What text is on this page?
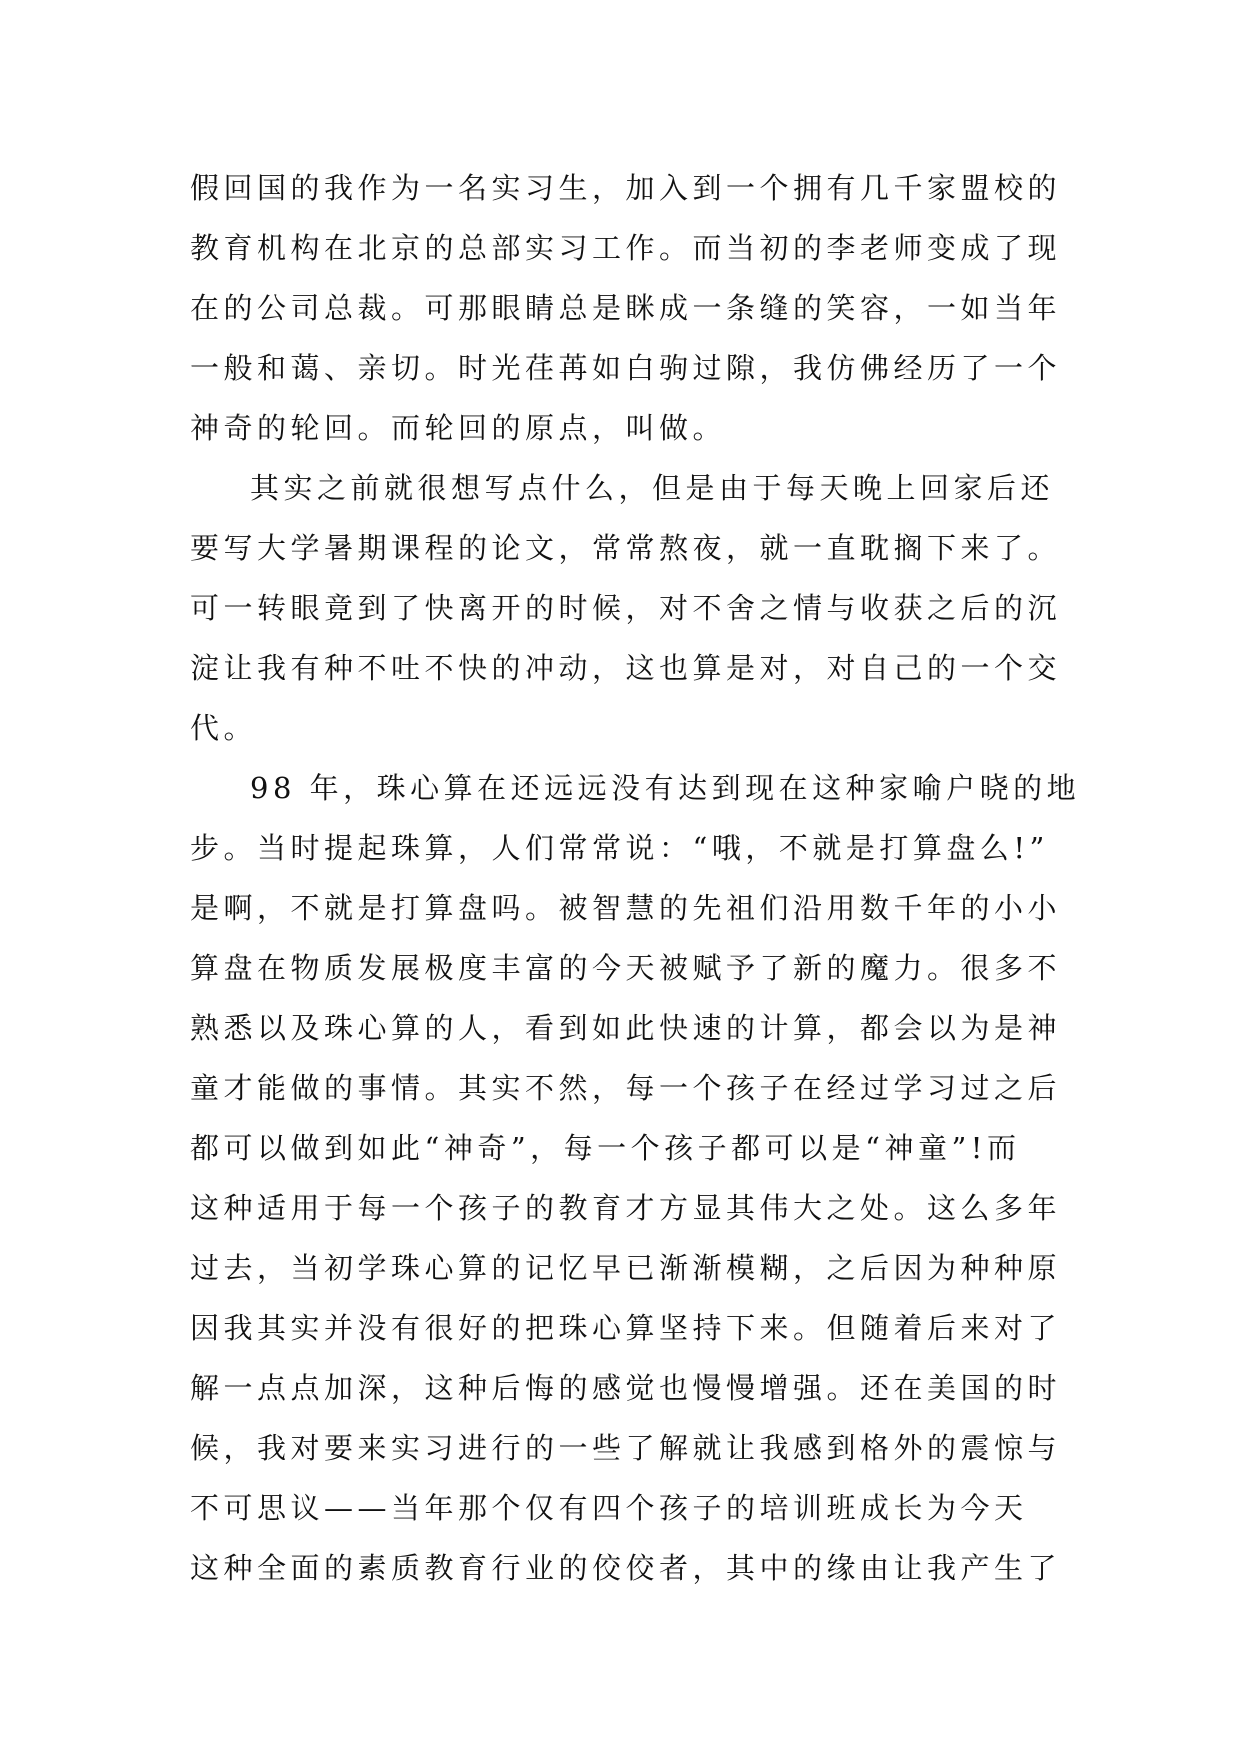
假回国的我作为一名实习生，加入到一个拥有几千家盟校的
教育机构在北京的总部实习工作。而当初的李老师变成了现
在的公司总裁。可那眼睛总是眯成一条缝的笑容，一如当年
一般和蔼、亲切。时光荏苒如白驹过隙，我仿佛经历了一个
神奇的轮回。而轮回的原点，叫做。
其实之前就很想写点什么，但是由于每天晚上回家后还
要写大学暑期课程的论文，常常熬夜，就一直耽搁下来了。
可一转眼竟到了快离开的时候，对不舍之情与收获之后的沉
淀让我有种不吐不快的冲动，这也算是对，对自己的一个交
代。
98 年，珠心算在还远远没有达到现在这种家喻户晓的地
步。当时提起珠算，人们常常说：“哦，不就是打算盘么!”
是啊，不就是打算盘吗。被智慧的先祖们沿用数千年的小小
算盘在物质发展极度丰富的今天被赋予了新的魔力。很多不
熟悉以及珠心算的人，看到如此快速的计算，都会以为是神
童才能做的事情。其实不然，每一个孩子在经过学习过之后
都可以做到如此“神奇”，每一个孩子都可以是“神童”!而
这种适用于每一个孩子的教育才方显其伟大之处。这么多年
过去，当初学珠心算的记忆早已渐渐模糊，之后因为种种原
因我其实并没有很好的把珠心算坚持下来。但随着后来对了
解一点点加深，这种后悔的感觉也慢慢增强。还在美国的时
候，我对要来实习进行的一些了解就让我感到格外的震惊与
不可思议——当年那个仅有四个孩子的培训班成长为今天
这种全面的素质教育行业的佼佼者，其中的缘由让我产生了
